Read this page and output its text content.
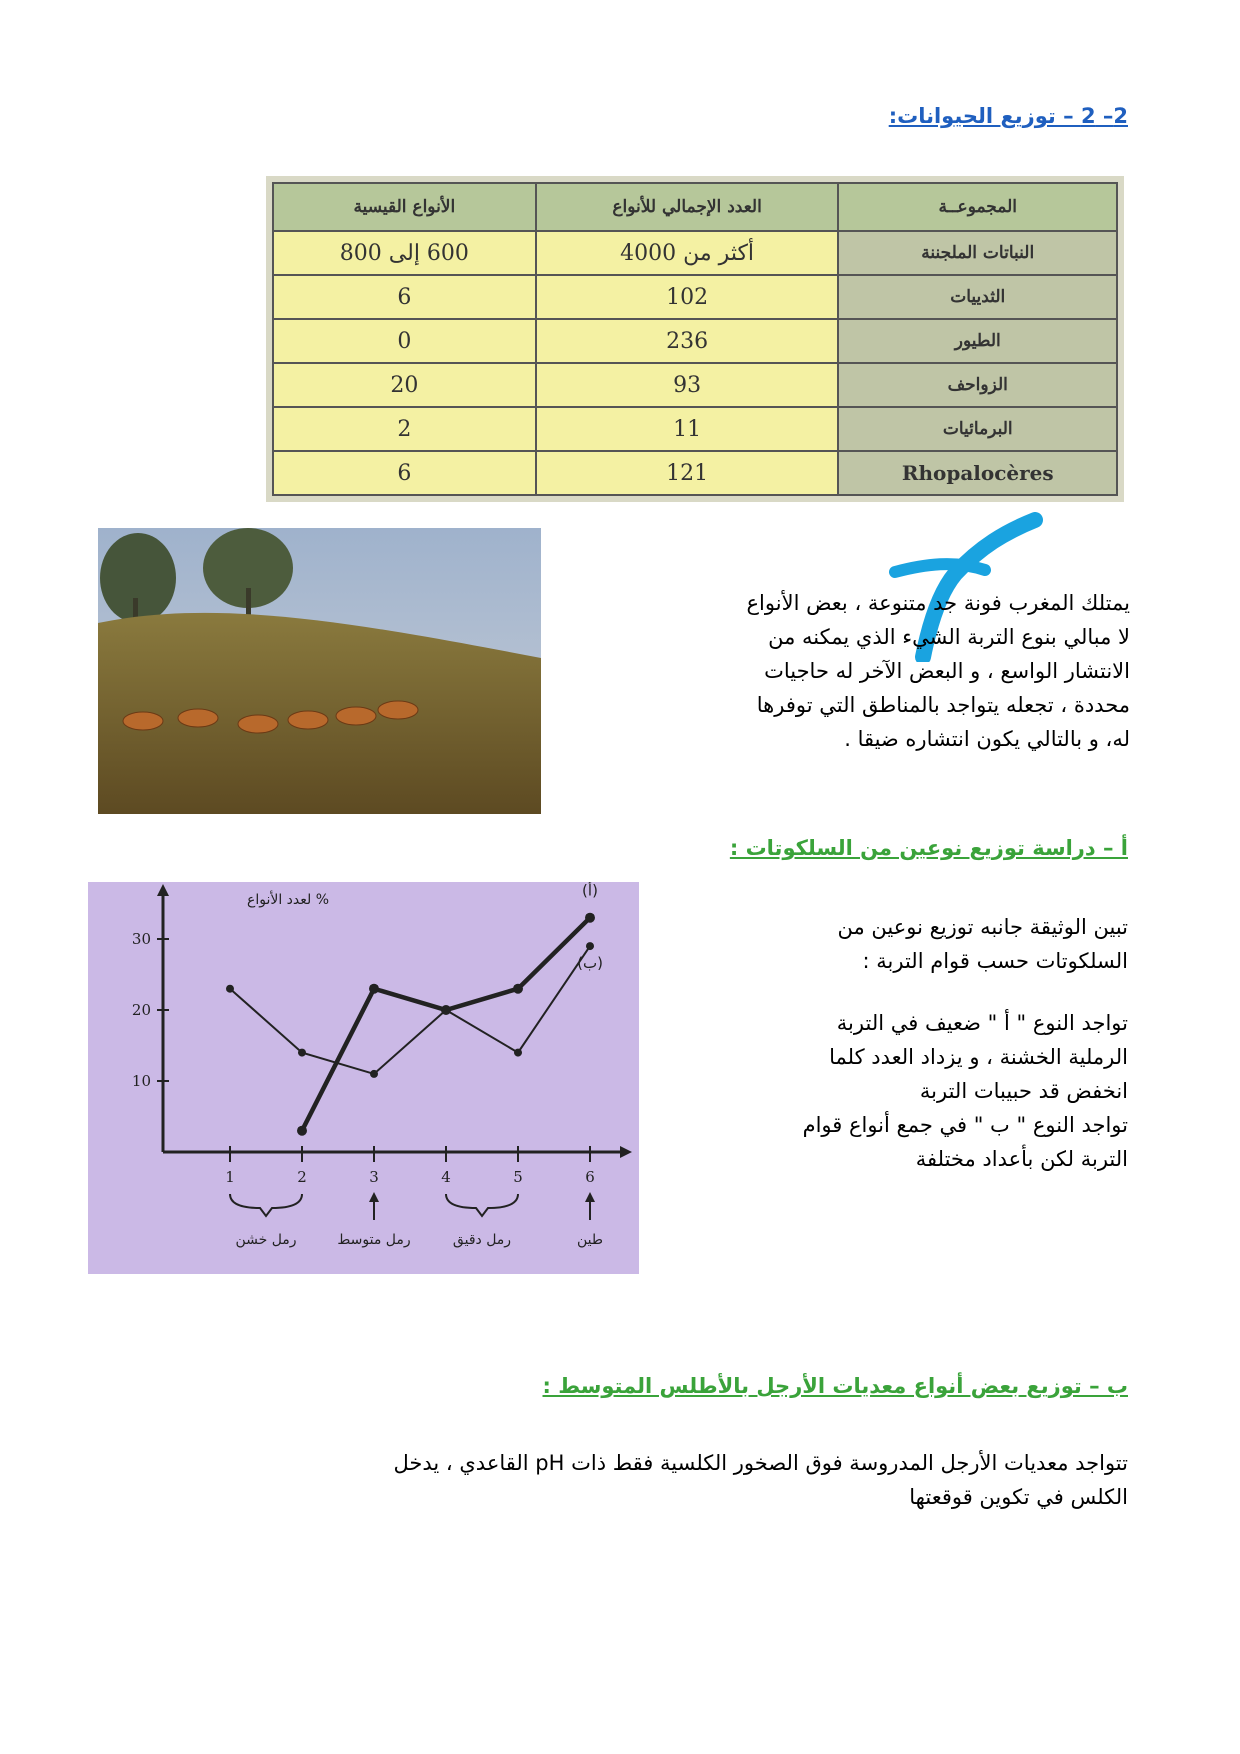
2– 2 – توزيع الحيوانات:
المجموعــة	العدد الإجمالي للأنواع	الأنواع القيسية
النباتات الملجننة	أكثر من 4000	600 إلى 800
الثدييات	102	6
الطيور	236	0
الزواحف	93	20
البرمائيات	11	2
Rhopalocères	121	6
يمتلك المغرب فونة جد متنوعة ، بعض الأنواع
لا مبالي بنوع التربة الشيء الذي يمكنه من
الانتشار الواسع ، و البعض الآخر له حاجيات
محددة ، تجعله يتواجد بالمناطق التي توفرها
له، و بالتالي يكون انتشاره ضيقا .
أ – دراسة توزيع نوعين من السلكوتات :
% لعدد الأنواع
10
20
30
1	2	3	4	5	6
رمل خشن	رمل متوسط	رمل دقيق	طين
(أ)
(ب)
تبين الوثيقة جانبه توزيع نوعين من
السلكوتات حسب قوام التربة :
تواجد النوع " أ " ضعيف في التربة
الرملية الخشنة ، و يزداد العدد كلما
انخفض قد حبيبات التربة
تواجد النوع " ب " في جمع أنواع قوام
التربة لكن بأعداد مختلفة
ب – توزيع بعض أنواع معديات الأرجل بالأطلس المتوسط :
تتواجد معديات الأرجل المدروسة فوق الصخور الكلسية فقط ذات pH القاعدي ، يدخل
الكلس في تكوين قوقعتها
